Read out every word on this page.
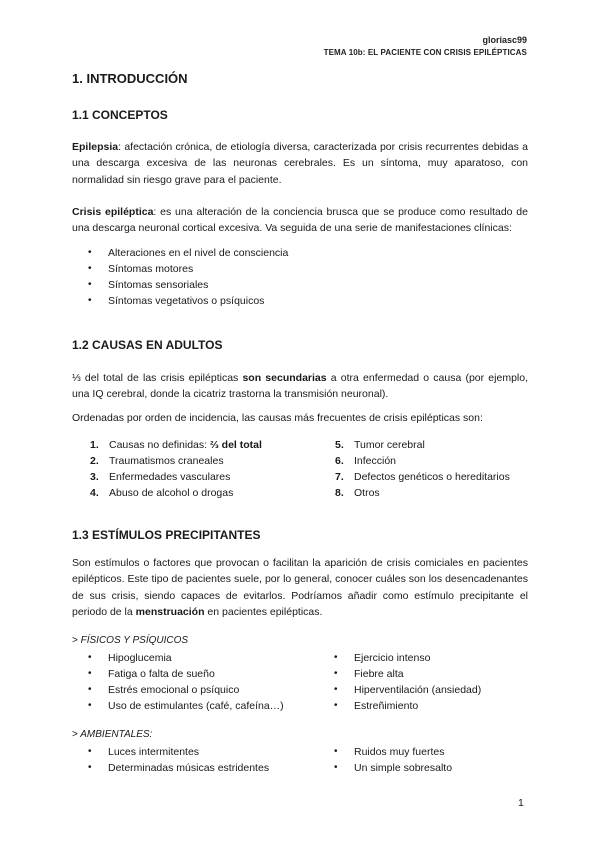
gloriasc99
TEMA 10b: EL PACIENTE CON CRISIS EPILÉPTICAS
1. INTRODUCCIÓN
1.1 CONCEPTOS

Epilepsia: afectación crónica, de etiología diversa, caracterizada por crisis recurrentes debidas a una descarga excesiva de las neuronas cerebrales. Es un síntoma, muy aparatoso, con normalidad sin riesgo grave para el paciente.

Crisis epiléptica: es una alteración de la conciencia brusca que se produce como resultado de una descarga neuronal cortical excesiva. Va seguida de una serie de manifestaciones clínicas:

• Alteraciones en el nivel de consciencia
• Síntomas motores
• Síntomas sensoriales
• Síntomas vegetativos o psíquicos
1.2 CAUSAS EN ADULTOS

⅓ del total de las crisis epilépticas son secundarias a otra enfermedad o causa (por ejemplo, una IQ cerebral, donde la cicatriz trastorna la transmisión neuronal).

Ordenadas por orden de incidencia, las causas más frecuentes de crisis epilépticas son:

1. Causas no definidas: ⅔ del total
2. Traumatismos craneales
3. Enfermedades vasculares
4. Abuso de alcohol o drogas
5. Tumor cerebral
6. Infección
7. Defectos genéticos o hereditarios
8. Otros
1.3 ESTÍMULOS PRECIPITANTES

Son estímulos o factores que provocan o facilitan la aparición de crisis comiciales en pacientes epilépticos. Este tipo de pacientes suele, por lo general, conocer cuáles son los desencadenantes de sus crisis, siendo capaces de evitarlos. Podríamos añadir como estímulo precipitante el periodo de la menstruación en pacientes epilépticas.

> FÍSICOS Y PSÍQUICOS
• Hipoglucemia
• Fatiga o falta de sueño
• Estrés emocional o psíquico
• Uso de estimulantes (café, cafeína…)
• Ejercicio intenso
• Fiebre alta
• Hiperventilación (ansiedad)
• Estreñimiento
> AMBIENTALES:
• Luces intermitentes
• Determinadas músicas estridentes
• Ruidos muy fuertes
• Un simple sobresalto
1
